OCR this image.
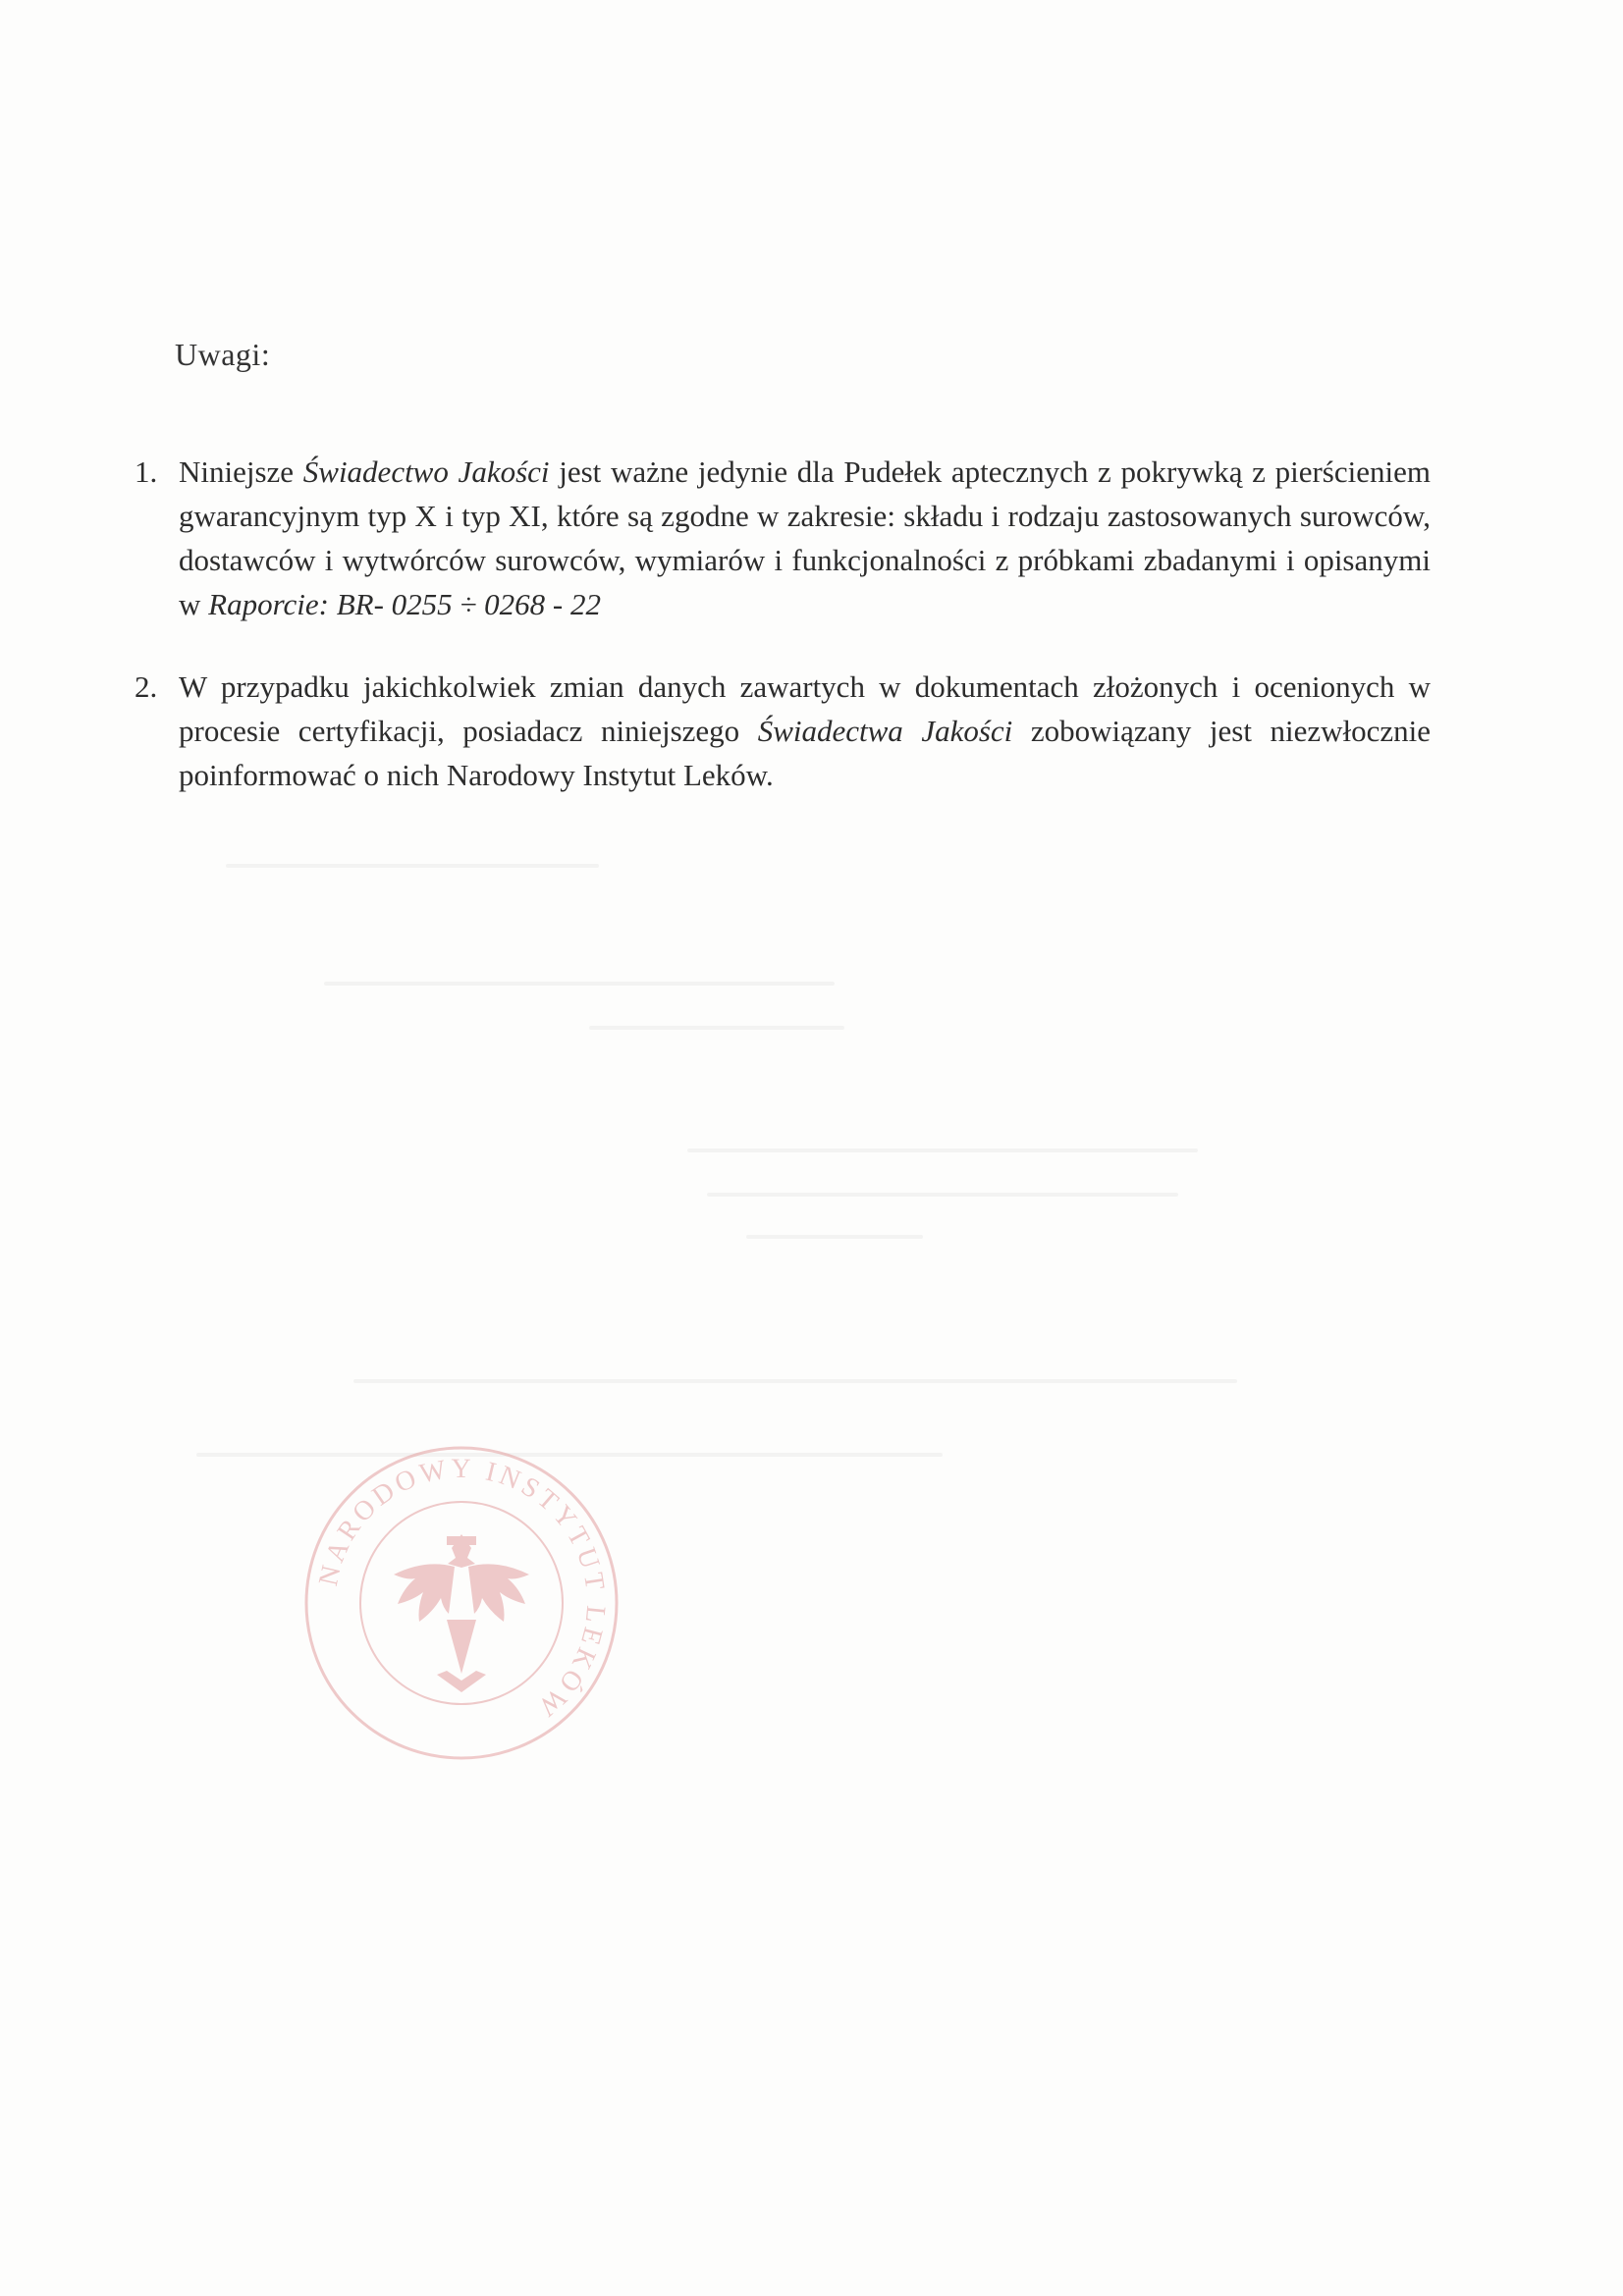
Uwagi:
1. Niniejsze Świadectwo Jakości jest ważne jedynie dla Pudełek aptecznych z pokrywką z pierścieniem gwarancyjnym typ X i typ XI, które są zgodne w zakresie: składu i rodzaju zastosowanych surowców, dostawców i wytwórców surowców, wymiarów i funkcjonalności z próbkami zbadanymi i opisanymi w Raporcie: BR- 0255 ÷ 0268 - 22
2. W przypadku jakichkolwiek zmian danych zawartych w dokumentach złożonych i ocenionych w procesie certyfikacji, posiadacz niniejszego Świadectwa Jakości zobowiązany jest niezwłocznie poinformować o nich Narodowy Instytut Leków.
NARODOWY INSTYTUT LEKÓW
